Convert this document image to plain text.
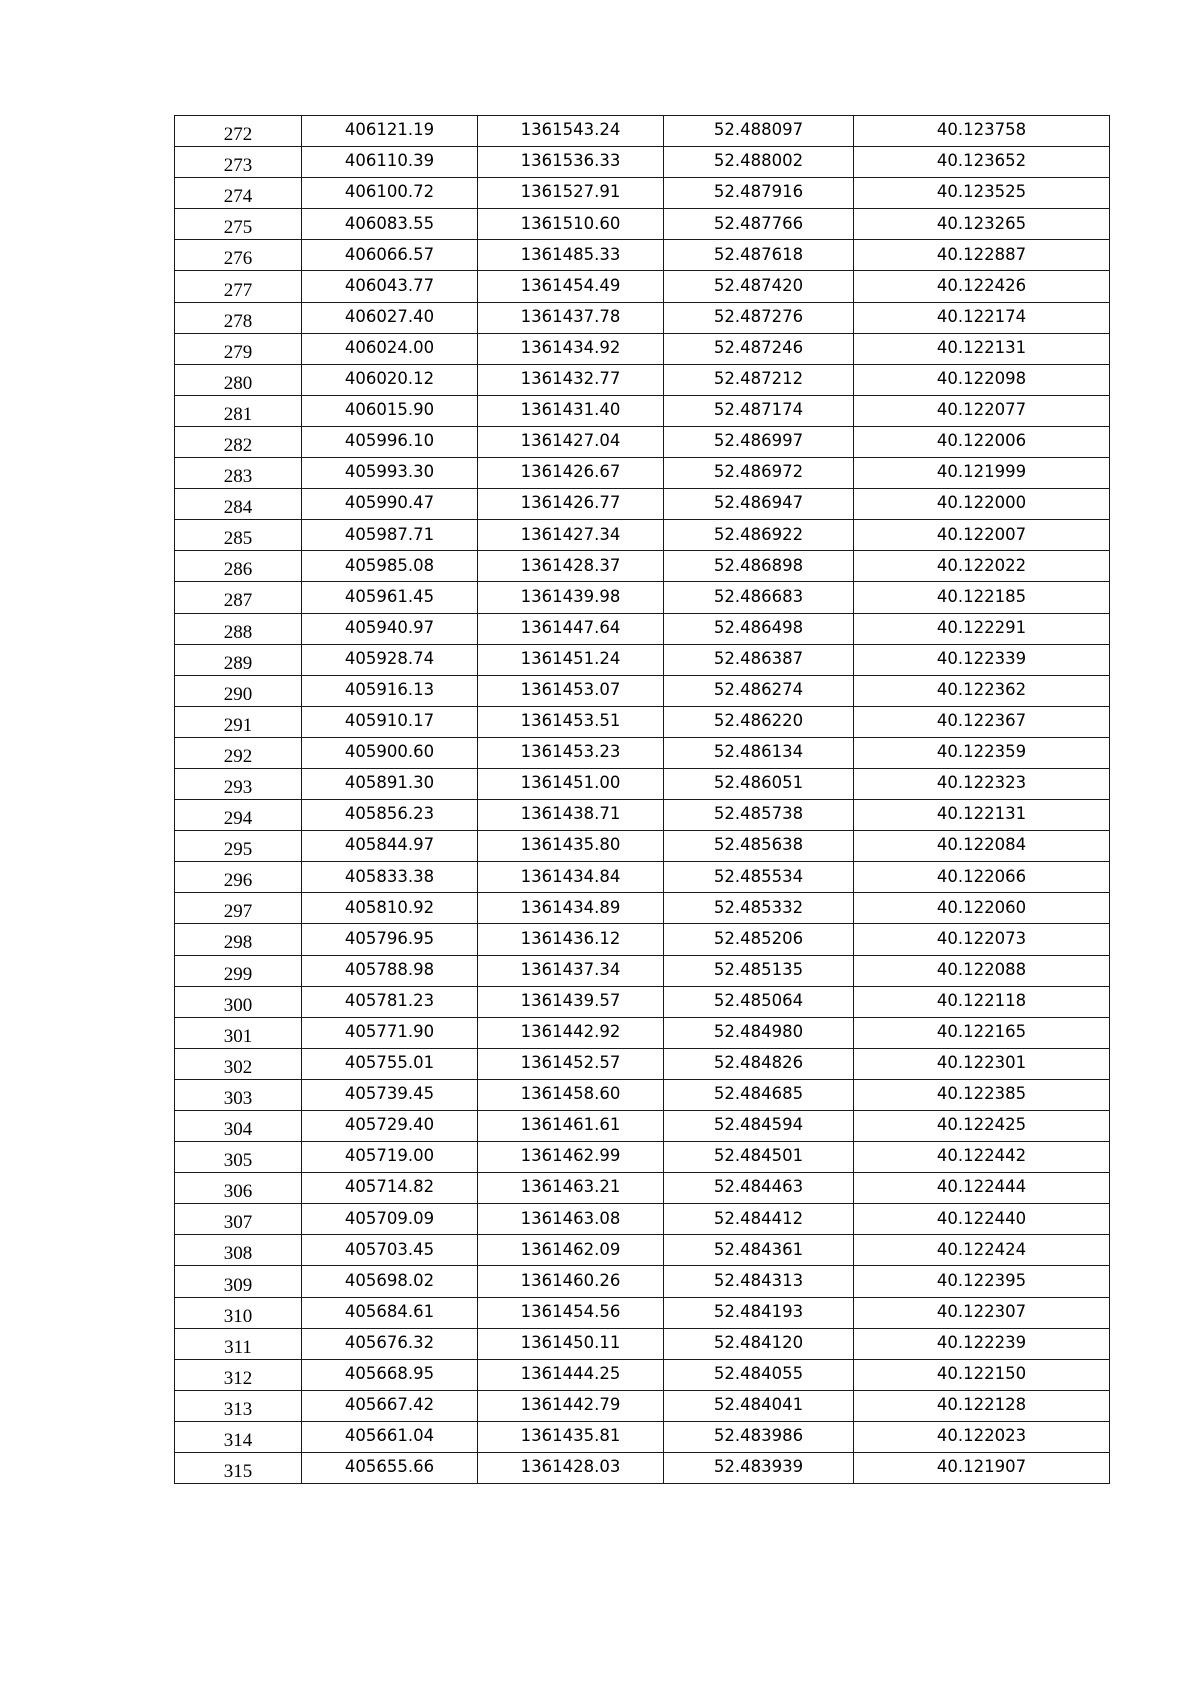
272	406121.19	1361543.24	52.488097	40.123758
273	406110.39	1361536.33	52.488002	40.123652
274	406100.72	1361527.91	52.487916	40.123525
275	406083.55	1361510.60	52.487766	40.123265
276	406066.57	1361485.33	52.487618	40.122887
277	406043.77	1361454.49	52.487420	40.122426
278	406027.40	1361437.78	52.487276	40.122174
279	406024.00	1361434.92	52.487246	40.122131
280	406020.12	1361432.77	52.487212	40.122098
281	406015.90	1361431.40	52.487174	40.122077
282	405996.10	1361427.04	52.486997	40.122006
283	405993.30	1361426.67	52.486972	40.121999
284	405990.47	1361426.77	52.486947	40.122000
285	405987.71	1361427.34	52.486922	40.122007
286	405985.08	1361428.37	52.486898	40.122022
287	405961.45	1361439.98	52.486683	40.122185
288	405940.97	1361447.64	52.486498	40.122291
289	405928.74	1361451.24	52.486387	40.122339
290	405916.13	1361453.07	52.486274	40.122362
291	405910.17	1361453.51	52.486220	40.122367
292	405900.60	1361453.23	52.486134	40.122359
293	405891.30	1361451.00	52.486051	40.122323
294	405856.23	1361438.71	52.485738	40.122131
295	405844.97	1361435.80	52.485638	40.122084
296	405833.38	1361434.84	52.485534	40.122066
297	405810.92	1361434.89	52.485332	40.122060
298	405796.95	1361436.12	52.485206	40.122073
299	405788.98	1361437.34	52.485135	40.122088
300	405781.23	1361439.57	52.485064	40.122118
301	405771.90	1361442.92	52.484980	40.122165
302	405755.01	1361452.57	52.484826	40.122301
303	405739.45	1361458.60	52.484685	40.122385
304	405729.40	1361461.61	52.484594	40.122425
305	405719.00	1361462.99	52.484501	40.122442
306	405714.82	1361463.21	52.484463	40.122444
307	405709.09	1361463.08	52.484412	40.122440
308	405703.45	1361462.09	52.484361	40.122424
309	405698.02	1361460.26	52.484313	40.122395
310	405684.61	1361454.56	52.484193	40.122307
311	405676.32	1361450.11	52.484120	40.122239
312	405668.95	1361444.25	52.484055	40.122150
313	405667.42	1361442.79	52.484041	40.122128
314	405661.04	1361435.81	52.483986	40.122023
315	405655.66	1361428.03	52.483939	40.121907
